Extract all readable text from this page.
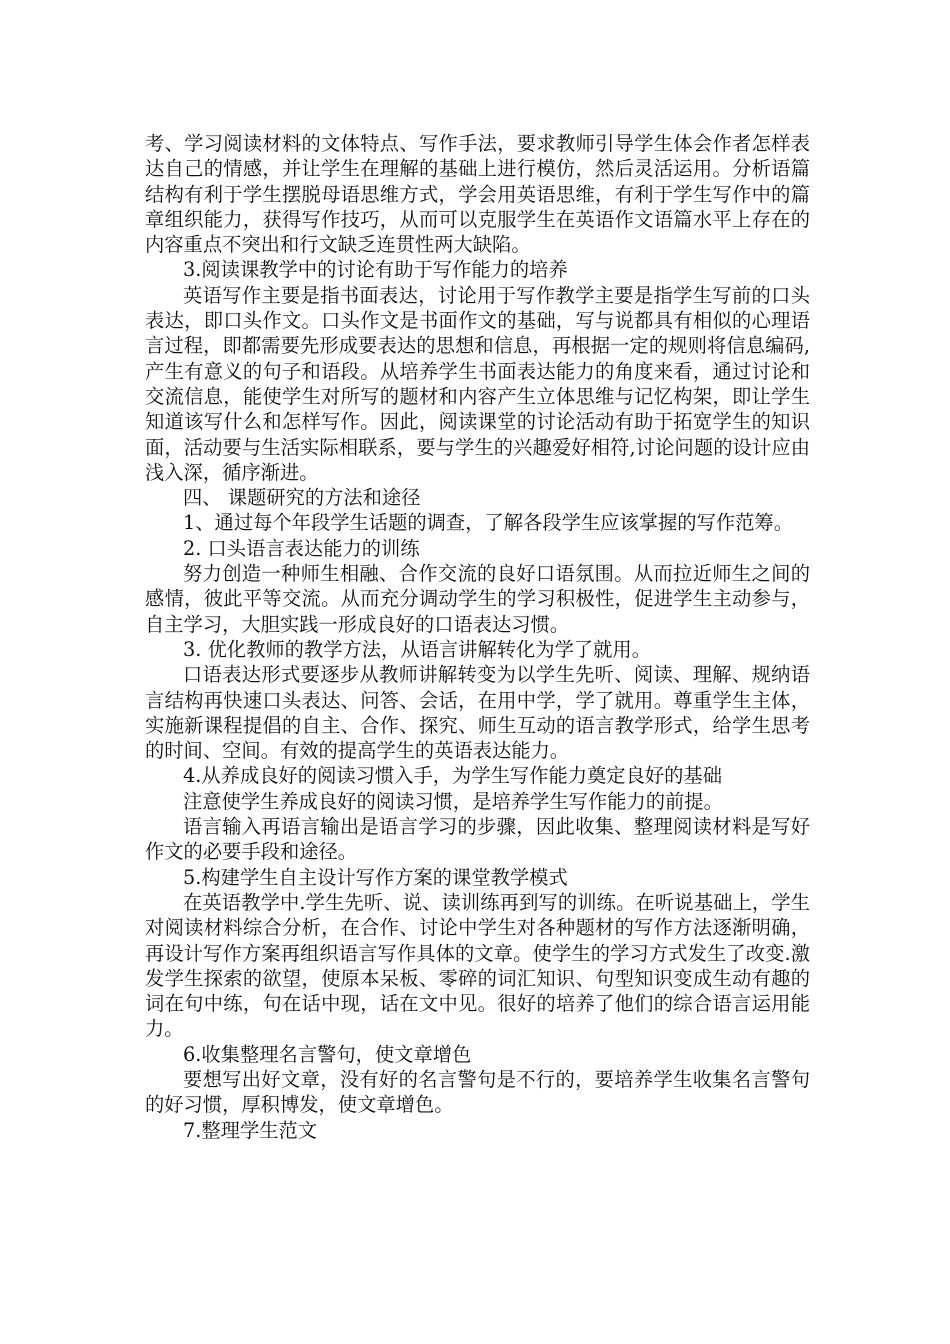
考、学习阅读材料的文体特点、写作手法，要求教师引导学生体会作者怎样表达自己的情感，并让学生在理解的基础上进行模仿，然后灵活运用。分析语篇结构有利于学生摆脱母语思维方式，学会用英语思维，有利于学生写作中的篇章组织能力，获得写作技巧，从而可以克服学生在英语作文语篇水平上存在的内容重点不突出和行文缺乏连贯性两大缺陷。

3.阅读课教学中的讨论有助于写作能力的培养

英语写作主要是指书面表达，讨论用于写作教学主要是指学生写前的口头表达，即口头作文。口头作文是书面作文的基础，写与说都具有相似的心理语言过程，即都需要先形成要表达的思想和信息，再根据一定的规则将信息编码,产生有意义的句子和语段。从培养学生书面表达能力的角度来看，通过讨论和交流信息，能使学生对所写的题材和内容产生立体思维与记忆构架，即让学生知道该写什么和怎样写作。因此，阅读课堂的讨论活动有助于拓宽学生的知识面，活动要与生活实际相联系，要与学生的兴趣爱好相符,讨论问题的设计应由浅入深，循序渐进。

四、 课题研究的方法和途径

1、通过每个年段学生话题的调查，了解各段学生应该掌握的写作范筹。

2. 口头语言表达能力的训练

努力创造一种师生相融、合作交流的良好口语氛围。从而拉近师生之间的感情，彼此平等交流。从而充分调动学生的学习积极性，促进学生主动参与，自主学习，大胆实践一形成良好的口语表达习惯。

3. 优化教师的教学方法，从语言讲解转化为学了就用。

口语表达形式要逐步从教师讲解转变为以学生先听、阅读、理解、规纳语言结构再快速口头表达、问答、会话，在用中学，学了就用。尊重学生主体，实施新课程提倡的自主、合作、探究、师生互动的语言教学形式，给学生思考的时间、空间。有效的提高学生的英语表达能力。

4.从养成良好的阅读习惯入手，为学生写作能力奠定良好的基础

注意使学生养成良好的阅读习惯，是培养学生写作能力的前提。

语言输入再语言输出是语言学习的步骤，因此收集、整理阅读材料是写好作文的必要手段和途径。

5.构建学生自主设计写作方案的课堂教学模式

在英语教学中.学生先听、说、读训练再到写的训练。在听说基础上，学生对阅读材料综合分析，在合作、讨论中学生对各种题材的写作方法逐渐明确，再设计写作方案再组织语言写作具体的文章。使学生的学习方式发生了改变.激发学生探索的欲望，使原本呆板、零碎的词汇知识、句型知识变成生动有趣的词在句中练，句在话中现，话在文中见。很好的培养了他们的综合语言运用能力。

6.收集整理名言警句，使文章增色

要想写出好文章，没有好的名言警句是不行的，要培养学生收集名言警句的好习惯，厚积博发，使文章增色。

7.整理学生范文
